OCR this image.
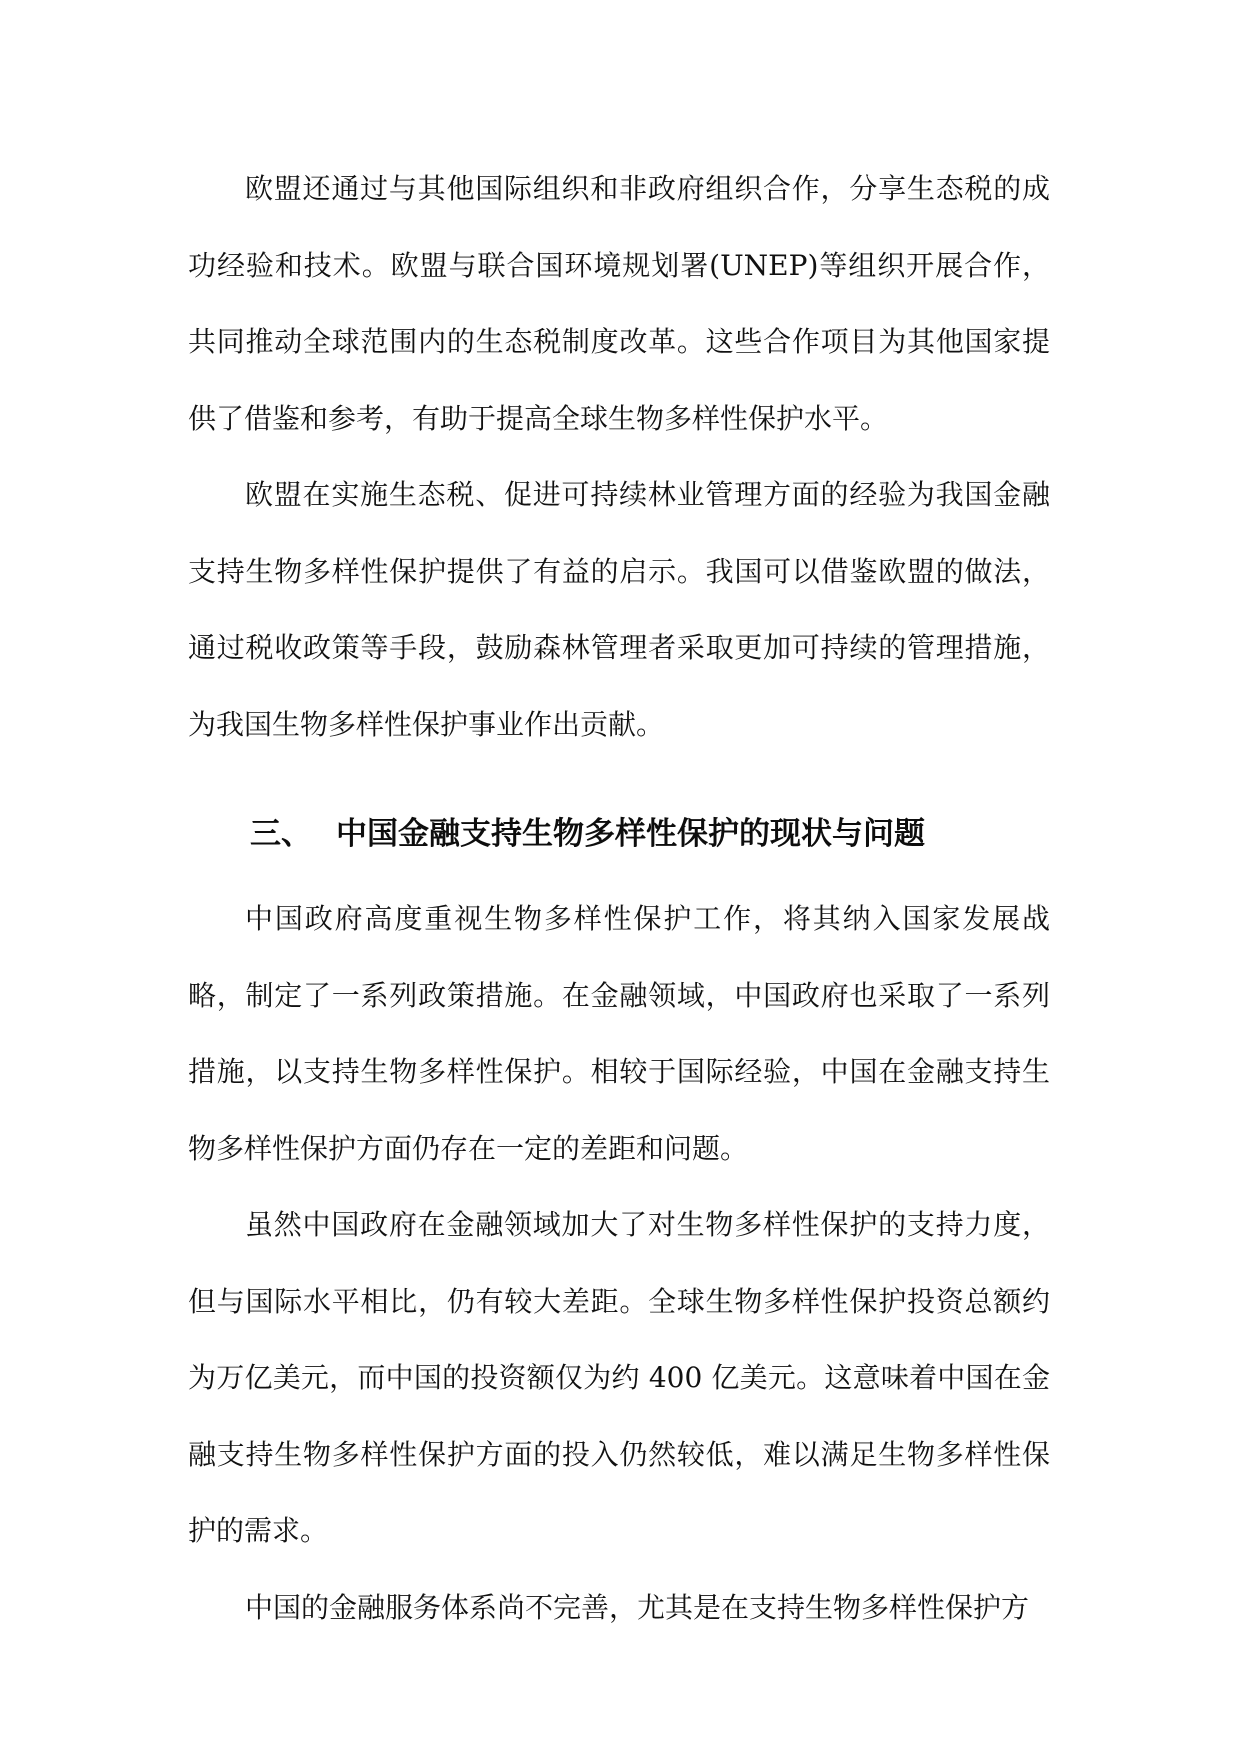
欧盟还通过与其他国际组织和非政府组织合作，分享生态税的成功经验和技术。欧盟与联合国环境规划署(UNEP)等组织开展合作，共同推动全球范围内的生态税制度改革。这些合作项目为其他国家提供了借鉴和参考，有助于提高全球生物多样性保护水平。

欧盟在实施生态税、促进可持续林业管理方面的经验为我国金融支持生物多样性保护提供了有益的启示。我国可以借鉴欧盟的做法，通过税收政策等手段，鼓励森林管理者采取更加可持续的管理措施，为我国生物多样性保护事业作出贡献。

三、 中国金融支持生物多样性保护的现状与问题

中国政府高度重视生物多样性保护工作，将其纳入国家发展战略，制定了一系列政策措施。在金融领域，中国政府也采取了一系列措施，以支持生物多样性保护。相较于国际经验，中国在金融支持生物多样性保护方面仍存在一定的差距和问题。

虽然中国政府在金融领域加大了对生物多样性保护的支持力度，但与国际水平相比，仍有较大差距。全球生物多样性保护投资总额约为万亿美元，而中国的投资额仅为约 400 亿美元。这意味着中国在金融支持生物多样性保护方面的投入仍然较低，难以满足生物多样性保护的需求。

中国的金融服务体系尚不完善，尤其是在支持生物多样性保护方
